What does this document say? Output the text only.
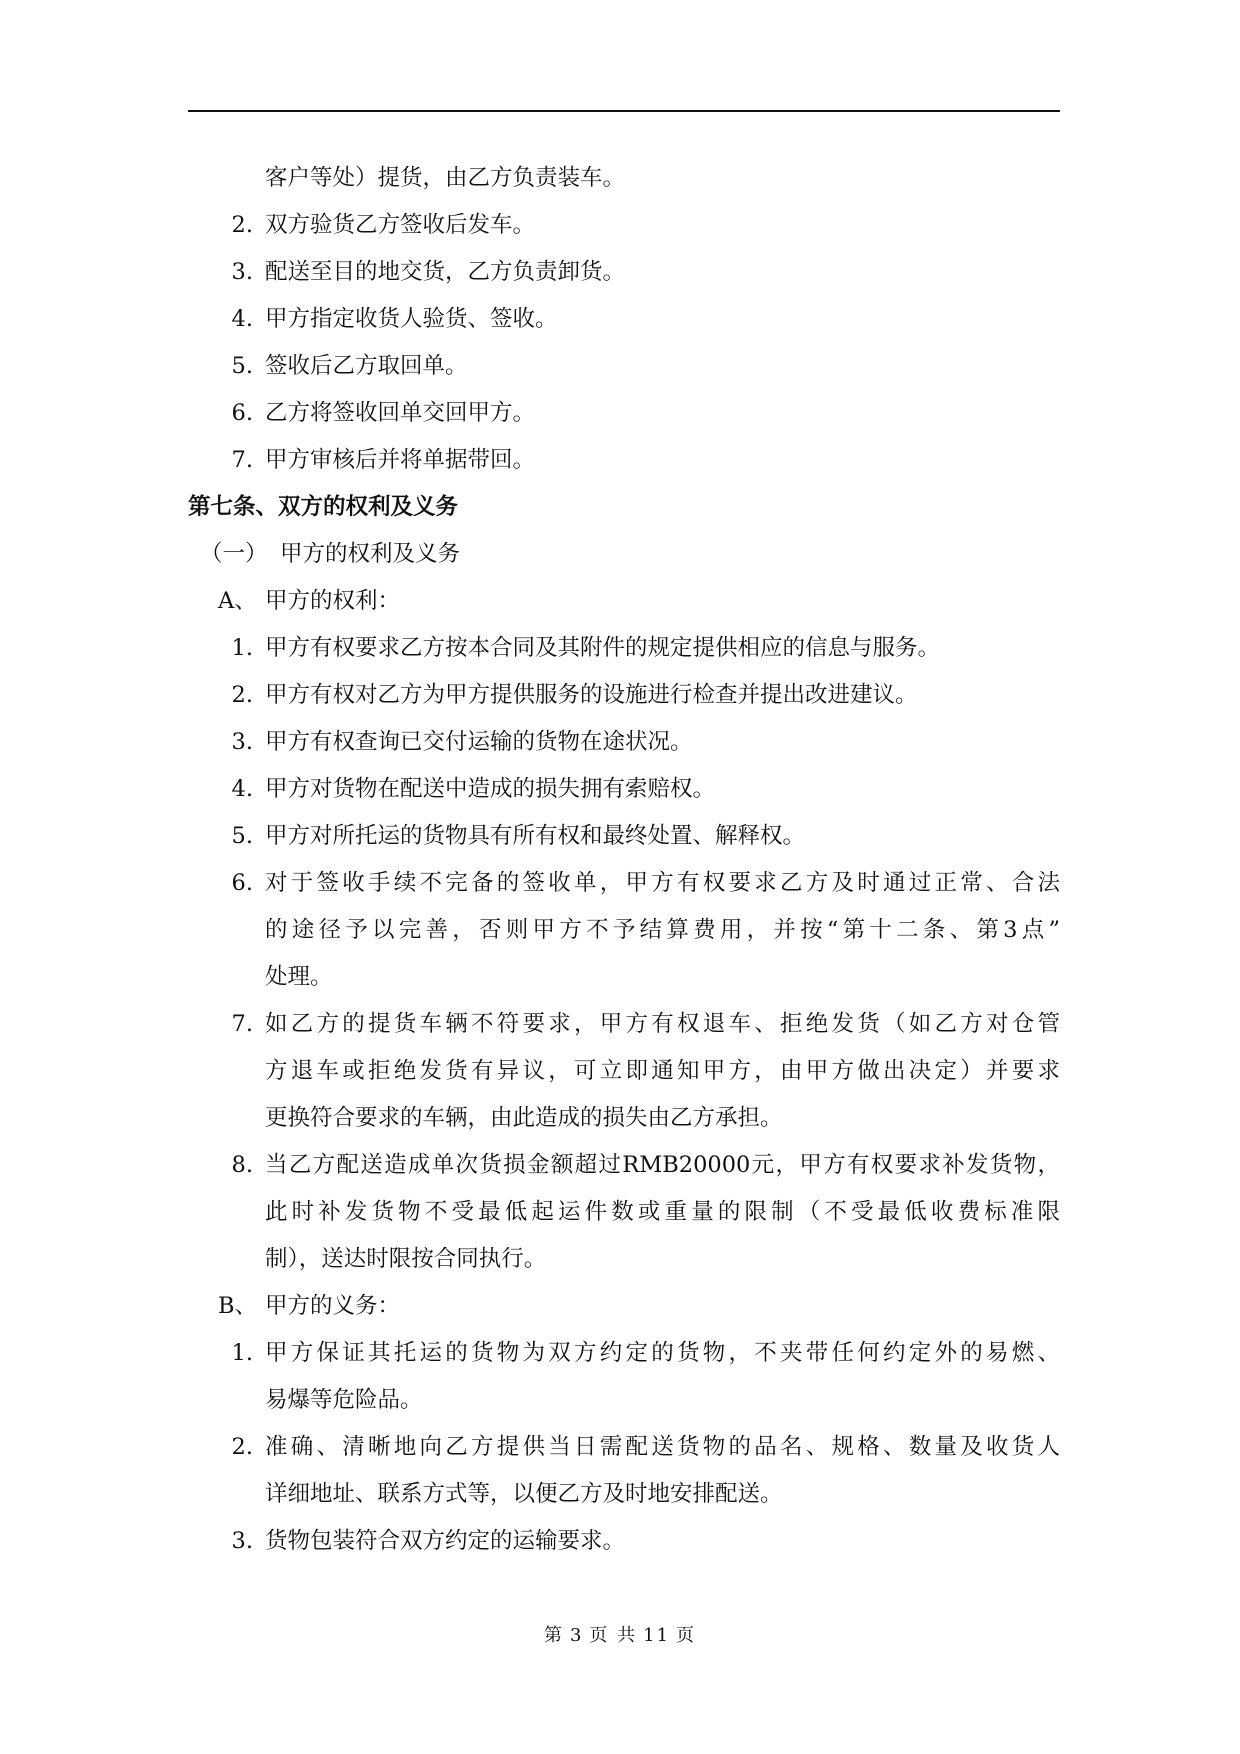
客户等处）提货，由乙方负责装车。
2. 双方验货乙方签收后发车。
3. 配送至目的地交货，乙方负责卸货。
4. 甲方指定收货人验货、签收。
5. 签收后乙方取回单。
6. 乙方将签收回单交回甲方。
7. 甲方审核后并将单据带回。
第七条、双方的权利及义务
（一） 甲方的权利及义务
A、 甲方的权利：
1. 甲方有权要求乙方按本合同及其附件的规定提供相应的信息与服务。
2. 甲方有权对乙方为甲方提供服务的设施进行检查并提出改进建议。
3. 甲方有权查询已交付运输的货物在途状况。
4. 甲方对货物在配送中造成的损失拥有索赔权。
5. 甲方对所托运的货物具有所有权和最终处置、解释权。
6. 对于签收手续不完备的签收单，甲方有权要求乙方及时通过正常、合法
的途径予以完善，否则甲方不予结算费用，并按“第十二条、第3点”
处理。
7. 如乙方的提货车辆不符要求，甲方有权退车、拒绝发货（如乙方对仓管
方退车或拒绝发货有异议，可立即通知甲方，由甲方做出决定）并要求
更换符合要求的车辆，由此造成的损失由乙方承担。
8. 当乙方配送造成单次货损金额超过RMB20000元，甲方有权要求补发货物，
此时补发货物不受最低起运件数或重量的限制（不受最低收费标准限
制），送达时限按合同执行。
B、 甲方的义务：
1. 甲方保证其托运的货物为双方约定的货物，不夹带任何约定外的易燃、
易爆等危险品。
2. 准确、清晰地向乙方提供当日需配送货物的品名、规格、数量及收货人
详细地址、联系方式等，以便乙方及时地安排配送。
3. 货物包装符合双方约定的运输要求。
第 3 页 共 11 页
